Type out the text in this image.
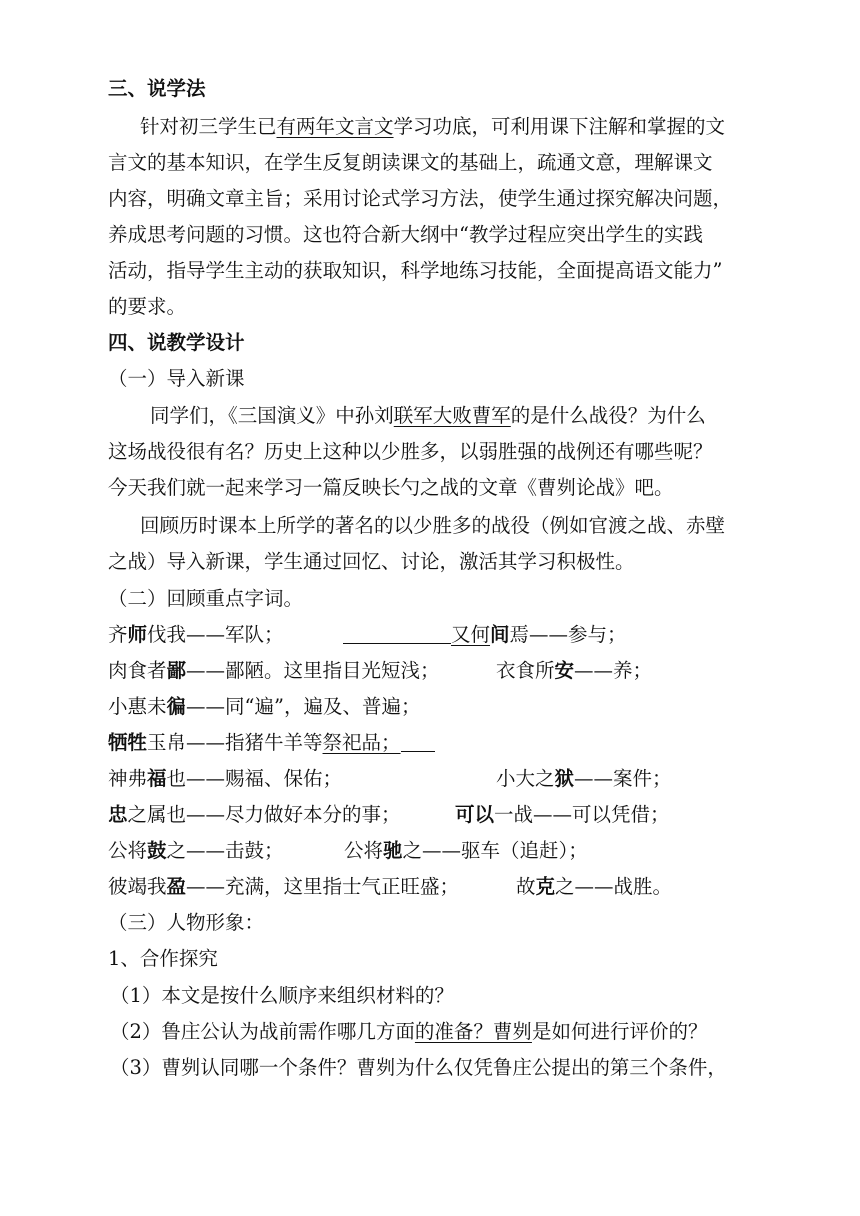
三、说学法
针对初三学生已有两年文言文学习功底，可利用课下注解和掌握的文
言文的基本知识，在学生反复朗读课文的基础上，疏通文意，理解课文
内容，明确文章主旨；采用讨论式学习方法，使学生通过探究解决问题，
养成思考问题的习惯。这也符合新大纲中“教学过程应突出学生的实践
活动，指导学生主动的获取知识，科学地练习技能，全面提高语文能力”
的要求。
四、说教学设计
（一）导入新课
同学们，《三国演义》中孙刘联军大败曹军的是什么战役？为什么
这场战役很有名？历史上这种以少胜多，以弱胜强的战例还有哪些呢？
今天我们就一起来学习一篇反映长勺之战的文章《曹刿论战》吧。
回顾历时课本上所学的著名的以少胜多的战役（例如官渡之战、赤壁
之战）导入新课，学生通过回忆、讨论，激活其学习积极性。
（二）回顾重点字词。
齐师伐我——军队；	又何间焉——参与；
肉食者鄙——鄙陋。这里指目光短浅；	衣食所安——养；
小惠未徧——同“遍”，遍及、普遍；
牺牲玉帛——指猪牛羊等祭祀品；
神弗福也——赐福、保佑；	小大之狱——案件；
忠之属也——尽力做好本分的事；	可以一战——可以凭借；
公将鼓之——击鼓；	公将驰之——驱车（追赶）；
彼竭我盈——充满，这里指士气正旺盛；	故克之——战胜。
（三）人物形象：
1、合作探究
（1）本文是按什么顺序来组织材料的？
（2）鲁庄公认为战前需作哪几方面的准备？曹刿是如何进行评价的？
（3）曹刿认同哪一个条件？曹刿为什么仅凭鲁庄公提出的第三个条件，
